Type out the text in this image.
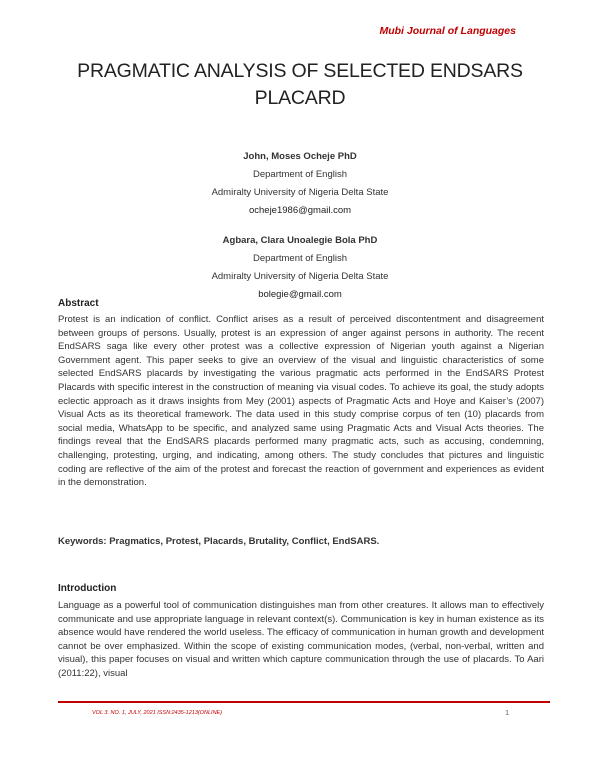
Mubi Journal of Languages
PRAGMATIC ANALYSIS OF SELECTED ENDSARS PLACARD
John, Moses Ocheje PhD
Department of English
Admiralty University of Nigeria Delta State
ocheje1986@gmail.com
Agbara, Clara Unoalegie Bola PhD
Department of English
Admiralty University of Nigeria Delta State
bolegie@gmail.com
Abstract
Protest is an indication of conflict. Conflict arises as a result of perceived discontentment and disagreement between groups of persons. Usually, protest is an expression of anger against persons in authority. The recent EndSARS saga like every other protest was a collective expression of Nigerian youth against a Nigerian Government agent. This paper seeks to give an overview of the visual and linguistic characteristics of some selected EndSARS placards by investigating the various pragmatic acts performed in the EndSARS Protest Placards with specific interest in the construction of meaning via visual codes. To achieve its goal, the study adopts eclectic approach as it draws insights from Mey (2001) aspects of Pragmatic Acts and Hoye and Kaiser’s (2007) Visual Acts as its theoretical framework. The data used in this study comprise corpus of ten (10) placards from social media, WhatsApp to be specific, and analyzed same using Pragmatic Acts and Visual Acts theories. The findings reveal that the EndSARS placards performed many pragmatic acts, such as accusing, condemning, challenging, protesting, urging, and indicating, among others. The study concludes that pictures and linguistic coding are reflective of the aim of the protest and forecast the reaction of government and experiences as evident in the demonstration.
Keywords: Pragmatics, Protest, Placards, Brutality, Conflict, EndSARS.
Introduction
Language as a powerful tool of communication distinguishes man from other creatures. It allows man to effectively communicate and use appropriate language in relevant context(s). Communication is key in human existence as its absence would have rendered the world useless. The efficacy of communication in human growth and development cannot be over emphasized. Within the scope of existing communication modes, (verbal, non-verbal, written and visual), this paper focuses on visual and written which capture communication through the use of placards. To Aari (2011:22), visual
VOL 3. NO. 1, JULY, 2021 ISSN:2435-1213(ONLINE)	1
